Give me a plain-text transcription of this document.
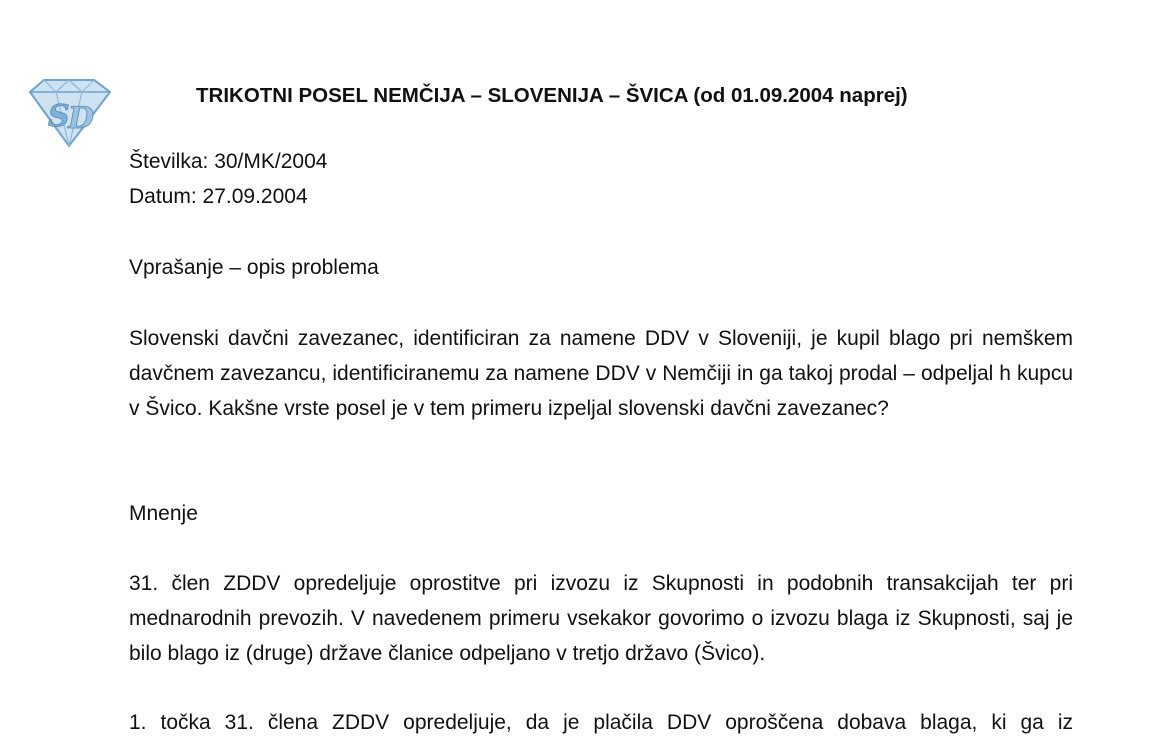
S
D
TRIKOTNI POSEL NEMČIJA – SLOVENIJA – ŠVICA (od 01.09.2004 naprej)
Številka: 30/MK/2004
Datum: 27.09.2004
Vprašanje – opis problema

Slovenski davčni zavezanec, identificiran za namene DDV v Sloveniji, je kupil blago pri nemškem davčnem zavezancu, identificiranemu za namene DDV v Nemčiji in ga takoj prodal – odpeljal h kupcu v Švico. Kakšne vrste posel je v tem primeru izpeljal slovenski davčni zavezanec?

Mnenje

31. člen ZDDV opredeljuje oprostitve pri izvozu iz Skupnosti in podobnih transakcijah ter pri mednarodnih prevozih. V navedenem primeru vsekakor govorimo o izvozu blaga iz Skupnosti, saj je bilo blago iz (druge) države članice odpeljano v tretjo državo (Švico).

1. točka 31. člena ZDDV opredeljuje, da je plačila DDV oproščena dobava blaga, ki ga iz
